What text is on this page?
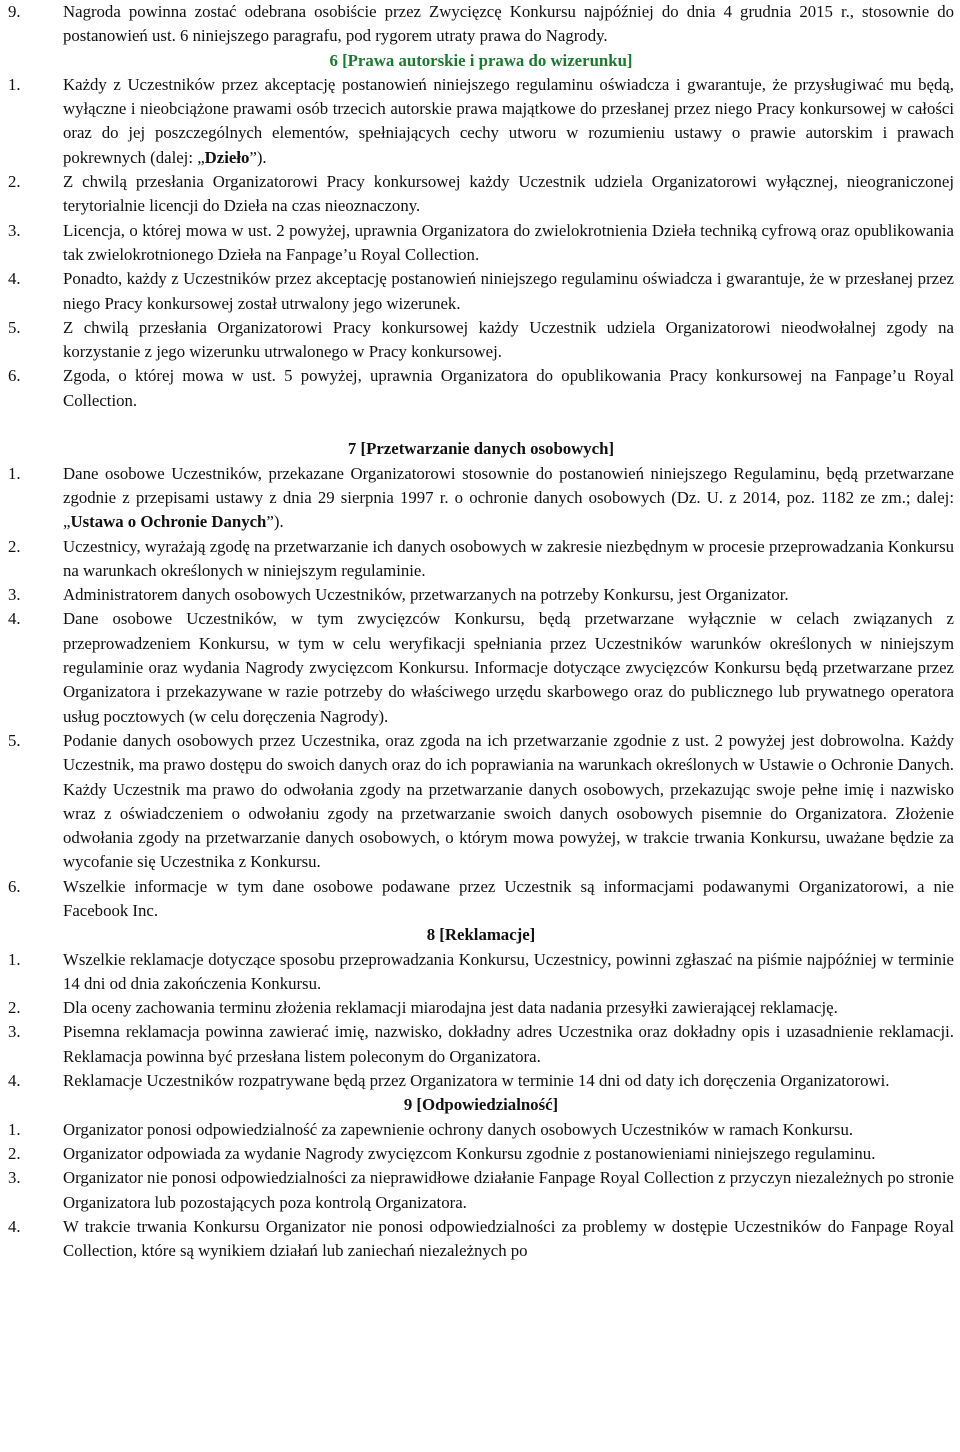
9.	Nagroda powinna zostać odebrana osobiście przez Zwycięzcę Konkursu najpóźniej do dnia 4 grudnia 2015 r., stosownie do postanowień ust. 6 niniejszego paragrafu, pod rygorem utraty prawa do Nagrody.
6 [Prawa autorskie i prawa do wizerunku]
1.	Każdy z Uczestników przez akceptację postanowień niniejszego regulaminu oświadcza i gwarantuje, że przysługiwać mu będą, wyłączne i nieobciążone prawami osób trzecich autorskie prawa majątkowe do przesłanej przez niego Pracy konkursowej w całości oraz do jej poszczególnych elementów, spełniających cechy utworu w rozumieniu ustawy o prawie autorskim i prawach pokrewnych (dalej: „Dzieło”).
2.	Z chwilą przesłania Organizatorowi Pracy konkursowej każdy Uczestnik udziela Organizatorowi wyłącznej, nieograniczonej terytorialnie licencji do Dzieła na czas nieoznaczony.
3.	Licencja, o której mowa w ust. 2 powyżej, uprawnia Organizatora do zwielokrotnienia Dzieła techniką cyfrową oraz opublikowania tak zwielokrotnionego Dzieła na Fanpage’u Royal Collection.
4.	Ponadto, każdy z Uczestników przez akceptację postanowień niniejszego regulaminu oświadcza i gwarantuje, że w przesłanej przez niego Pracy konkursowej został utrwalony jego wizerunek.
5.	Z chwilą przesłania Organizatorowi Pracy konkursowej każdy Uczestnik udziela Organizatorowi nieodwołalnej zgody na korzystanie z jego wizerunku utrwalonego w Pracy konkursowej.
6.	Zgoda, o której mowa w ust. 5 powyżej, uprawnia Organizatora do opublikowania Pracy konkursowej na Fanpage’u Royal Collection.
7 [Przetwarzanie danych osobowych]
1.	Dane osobowe Uczestników, przekazane Organizatorowi stosownie do postanowień niniejszego Regulaminu, będą przetwarzane zgodnie z przepisami ustawy z dnia 29 sierpnia 1997 r. o ochronie danych osobowych (Dz. U. z 2014, poz. 1182 ze zm.; dalej: „Ustawa o Ochronie Danych”).
2.	Uczestnicy, wyrażają zgodę na przetwarzanie ich danych osobowych w zakresie niezbędnym w procesie przeprowadzania Konkursu na warunkach określonych w niniejszym regulaminie.
3.	Administratorem danych osobowych Uczestników, przetwarzanych na potrzeby Konkursu, jest Organizator.
4.	Dane osobowe Uczestników, w tym zwycięzców Konkursu, będą przetwarzane wyłącznie w celach związanych z przeprowadzeniem Konkursu, w tym w celu weryfikacji spełniania przez Uczestników warunków określonych w niniejszym regulaminie oraz wydania Nagrody zwycięzcom Konkursu. Informacje dotyczące zwycięzców Konkursu będą przetwarzane przez Organizatora i przekazywane w razie potrzeby do właściwego urzędu skarbowego oraz do publicznego lub prywatnego operatora usług pocztowych (w celu doręczenia Nagrody).
5.	Podanie danych osobowych przez Uczestnika, oraz zgoda na ich przetwarzanie zgodnie z ust. 2 powyżej jest dobrowolna. Każdy Uczestnik, ma prawo dostępu do swoich danych oraz do ich poprawiania na warunkach określonych w Ustawie o Ochronie Danych. Każdy Uczestnik ma prawo do odwołania zgody na przetwarzanie danych osobowych, przekazując swoje pełne imię i nazwisko wraz z oświadczeniem o odwołaniu zgody na przetwarzanie swoich danych osobowych pisemnie do Organizatora. Złożenie odwołania zgody na przetwarzanie danych osobowych, o którym mowa powyżej, w trakcie trwania Konkursu, uważane będzie za wycofanie się Uczestnika z Konkursu.
6.	Wszelkie informacje w tym dane osobowe podawane przez Uczestnik są informacjami podawanymi Organizatorowi, a nie Facebook Inc.
8 [Reklamacje]
1.	Wszelkie reklamacje dotyczące sposobu przeprowadzania Konkursu, Uczestnicy, powinni zgłaszać na piśmie najpóźniej w terminie 14 dni od dnia zakończenia Konkursu.
2.	Dla oceny zachowania terminu złożenia reklamacji miarodajna jest data nadania przesyłki zawierającej reklamację.
3.	Pisemna reklamacja powinna zawierać imię, nazwisko, dokładny adres Uczestnika oraz dokładny opis i uzasadnienie reklamacji. Reklamacja powinna być przesłana listem poleconym do Organizatora.
4.	Reklamacje Uczestników rozpatrywane będą przez Organizatora w terminie 14 dni od daty ich doręczenia Organizatorowi.
9 [Odpowiedzialność]
1.	Organizator ponosi odpowiedzialność za zapewnienie ochrony danych osobowych Uczestników w ramach Konkursu.
2.	Organizator odpowiada za wydanie Nagrody zwycięzcom Konkursu zgodnie z postanowieniami niniejszego regulaminu.
3.	Organizator nie ponosi odpowiedzialności za nieprawidłowe działanie Fanpage Royal Collection z przyczyn niezależnych po stronie Organizatora lub pozostających poza kontrolą Organizatora.
4.	W trakcie trwania Konkursu Organizator nie ponosi odpowiedzialności za problemy w dostępie Uczestników do Fanpage Royal Collection, które są wynikiem działań lub zaniechań niezależnych po
